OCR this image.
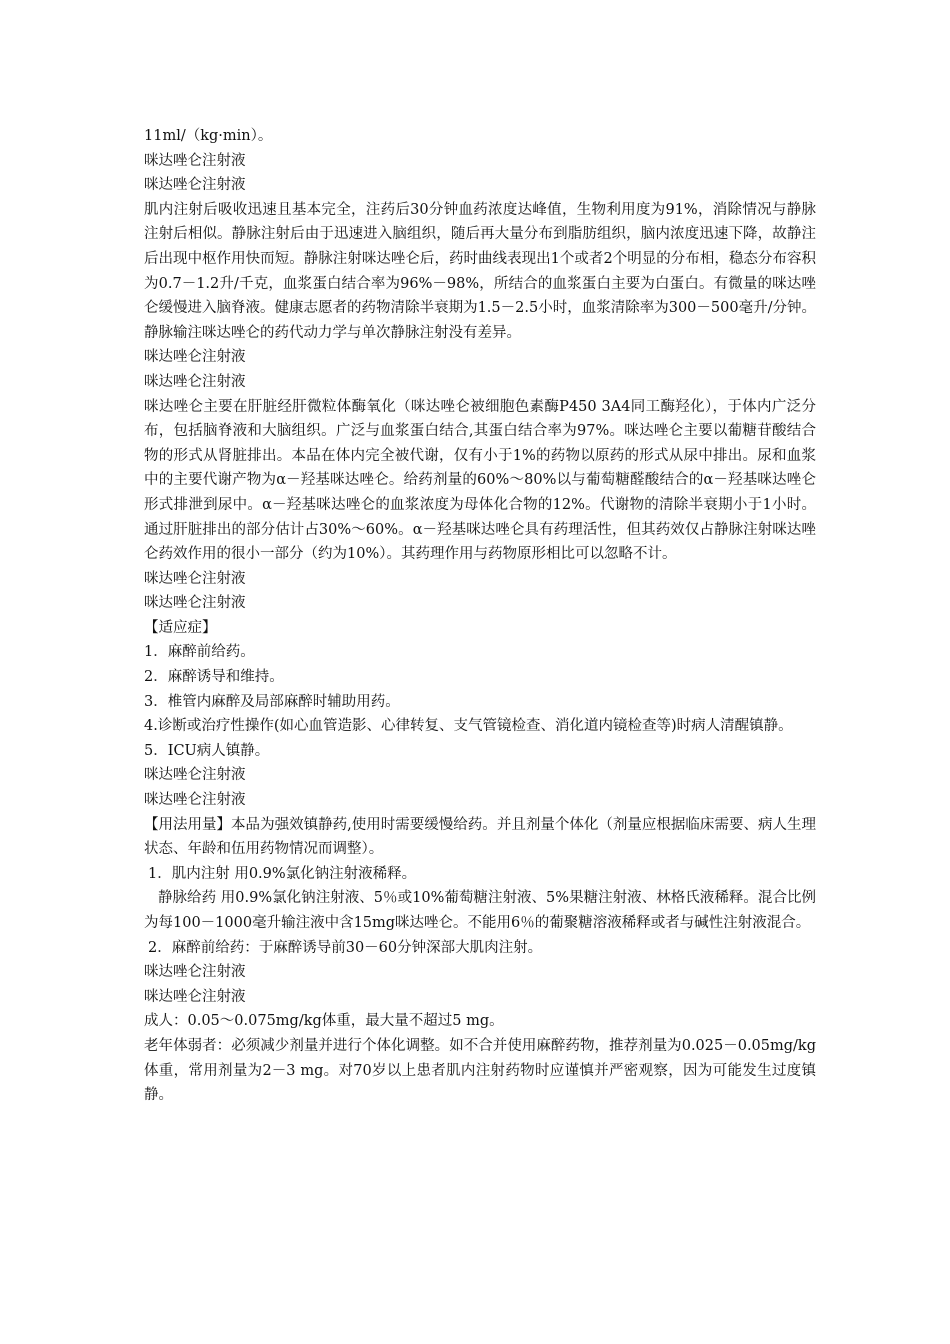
11ml/（kg·min）。

咪达唑仑注射液

咪达唑仑注射液

肌内注射后吸收迅速且基本完全，注药后30分钟血药浓度达峰值，生物利用度为91%，消除情况与静脉注射后相似。静脉注射后由于迅速进入脑组织，随后再大量分布到脂肪组织，脑内浓度迅速下降，故静注后出现中枢作用快而短。静脉注射咪达唑仑后，药时曲线表现出1个或者2个明显的分布相，稳态分布容积为0.7－1.2升/千克，血浆蛋白结合率为96%－98%，所结合的血浆蛋白主要为白蛋白。有微量的咪达唑仑缓慢进入脑脊液。健康志愿者的药物清除半衰期为1.5－2.5小时，血浆清除率为300－500毫升/分钟。静脉输注咪达唑仑的药代动力学与单次静脉注射没有差异。

咪达唑仑注射液

咪达唑仑注射液

咪达唑仑主要在肝脏经肝微粒体酶氧化（咪达唑仑被细胞色素酶P450 3A4同工酶羟化），于体内广泛分布，包括脑脊液和大脑组织。广泛与血浆蛋白结合,其蛋白结合率为97%。咪达唑仑主要以葡糖苷酸结合物的形式从肾脏排出。本品在体内完全被代谢，仅有小于1%的药物以原药的形式从尿中排出。尿和血浆中的主要代谢产物为α－羟基咪达唑仑。给药剂量的60%～80%以与葡萄糖醛酸结合的α－羟基咪达唑仑形式排泄到尿中。α－羟基咪达唑仑的血浆浓度为母体化合物的12%。代谢物的清除半衰期小于1小时。通过肝脏排出的部分估计占30%～60%。α－羟基咪达唑仑具有药理活性，但其药效仅占静脉注射咪达唑仑药效作用的很小一部分（约为10%）。其药理作用与药物原形相比可以忽略不计。

咪达唑仑注射液

咪达唑仑注射液

【适应症】

1．麻醉前给药。

2．麻醉诱导和维持。

3．椎管内麻醉及局部麻醉时辅助用药。

4.诊断或治疗性操作(如心血管造影、心律转复、支气管镜检查、消化道内镜检查等)时病人清醒镇静。

5．ICU病人镇静。

咪达唑仑注射液

咪达唑仑注射液

【用法用量】本品为强效镇静药,使用时需要缓慢给药。并且剂量个体化（剂量应根据临床需要、病人生理状态、年龄和伍用药物情况而调整）。

1．肌内注射 用0.9%氯化钠注射液稀释。

静脉给药 用0.9%氯化钠注射液、5％或10%葡萄糖注射液、5%果糖注射液、林格氏液稀释。混合比例为每100－1000毫升输注液中含15mg咪达唑仑。不能用6％的葡聚糖溶液稀释或者与碱性注射液混合。

2．麻醉前给药：于麻醉诱导前30－60分钟深部大肌肉注射。

咪达唑仑注射液

咪达唑仑注射液

成人：0.05～0.075mg/kg体重，最大量不超过5 mg。

老年体弱者：必须减少剂量并进行个体化调整。如不合并使用麻醉药物，推荐剂量为0.025－0.05mg/kg体重，常用剂量为2－3 mg。对70岁以上患者肌内注射药物时应谨慎并严密观察，因为可能发生过度镇静。
